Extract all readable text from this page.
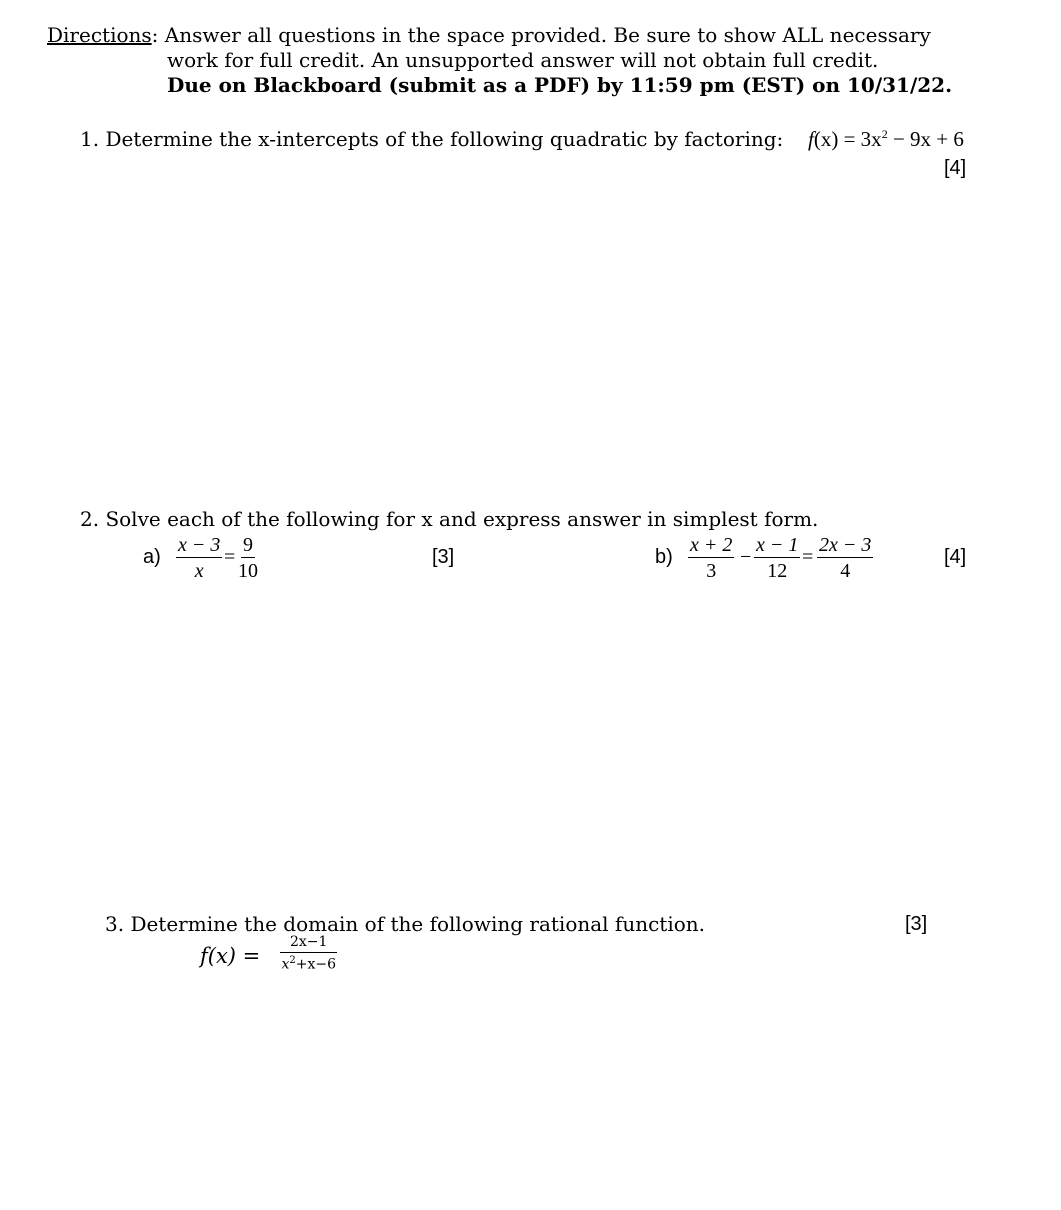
Directions: Answer all questions in the space provided. Be sure to show ALL necessary
work for full credit. An unsupported answer will not obtain full credit.
Due on Blackboard (submit as a PDF) by 11:59 pm (EST) on 10/31/22.
1. Determine the x-intercepts of the following quadratic by factoring: $f(x) = 3x^2 - 9x + 6$
[4]
2. Solve each of the following for x and express answer in simplest form.
$a) \frac{x - 3}{x} = \frac{9}{10}$	[3]	$b) \frac{x + 2}{3} - \frac{x - 1}{12} = \frac{2x - 3}{4}$	[4]
3. Determine the domain of the following rational function.	[3]
$f(x) = \frac{2x-1}{x^2+x-6}$
